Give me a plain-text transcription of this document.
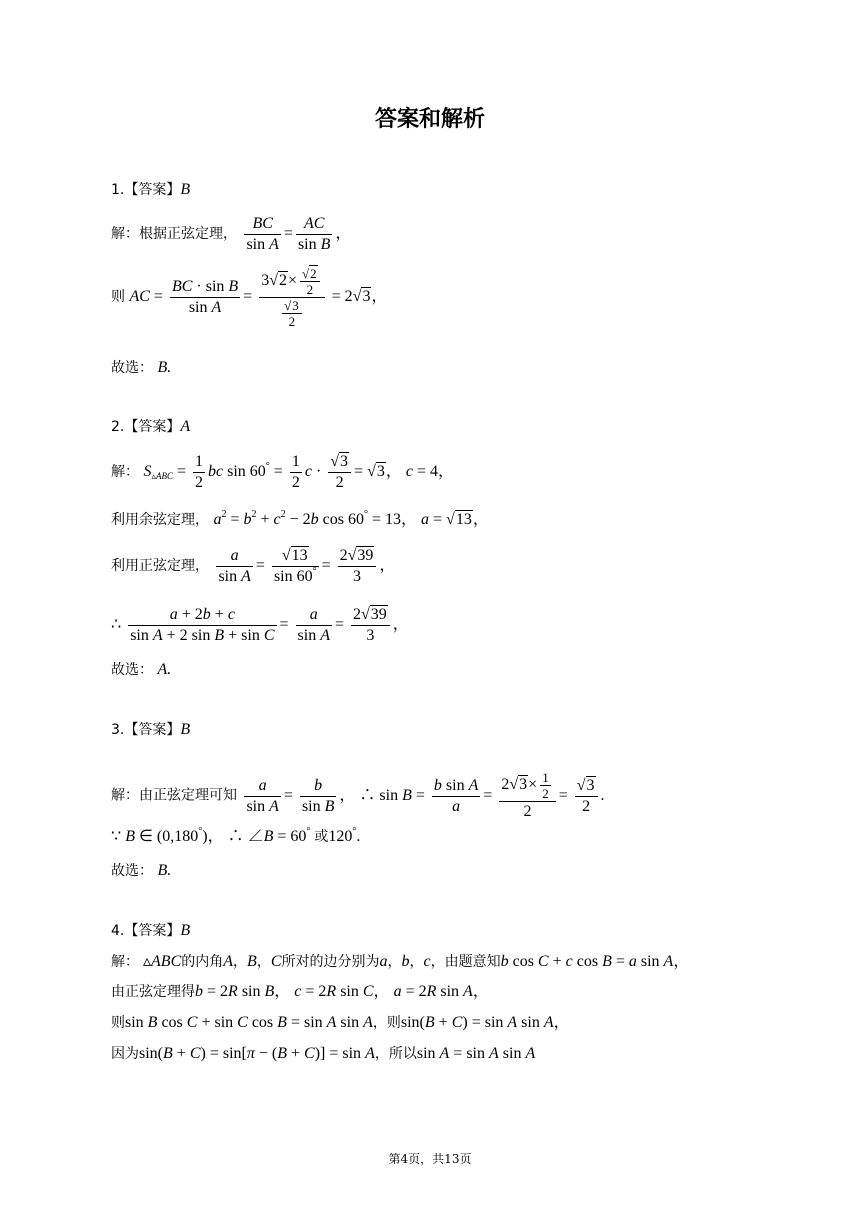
答案和解析
1.【答案】B
解：根据正弦定理， $\frac{BC}{\text{sin A}} = \frac{AC}{\text{sin B}}$ ，
则 AC = $\frac{\text{BC · sin B}}{\text{sin A}} = \frac{3√2\times \frac{√2}{2}}{\frac{√3}{2}} = 2√3$，
故选： B.
2.【答案】A
解： $S_{▵ABC} = \frac{1}{2}$ bc $\sin 60^\circ = \frac{1}{2}$ $c \cdot \frac{√3}{2} = √3$， c = 4，
利用余弦定理， $a^2 = b^2 + c^2 - 2b$ cos 60° = 13， a = √13，
利用正弦定理， $\frac{a}{\text{sin A}} = \frac{√13}{\sin 60^\circ} = \frac{2√39}{3}$ ，
∴ $\frac{a + 2b + c}{\text{sin A + 2 sin B + sin C}} = \frac{a}{\text{sin A}} = \frac{2√39}{3}$ ，
故选： A.
3.【答案】B
解：由正弦定理可知 $\frac{a}{\text{sin A}} = \frac{b}{\text{sin B}}$ ， ∴ $\sin B = \frac{\text{b sin A}}{a} = \frac{2√3\times \frac{1}{2}}{2} = \frac{√3}{2}$ .
∵ B ∈ (0,180°)， ∴ ∠B = 60° 或120°.
故选： B.
4.【答案】B
解： ▵ABC的内角A，B，C所对的边分别为a，b，c，由题意知b cos C + c cos B = a sin A，
由正弦定理得b = 2R sin B， c = 2R sin C， a = 2R sin A，
则sin B cos C + sin C cos B = sin A sin A，则sin(B + C) = sin A sin A，
因为sin(B + C) = sin[π − (B + C)] = sin A，所以sin A = sin A sin A
第4页，共13页
